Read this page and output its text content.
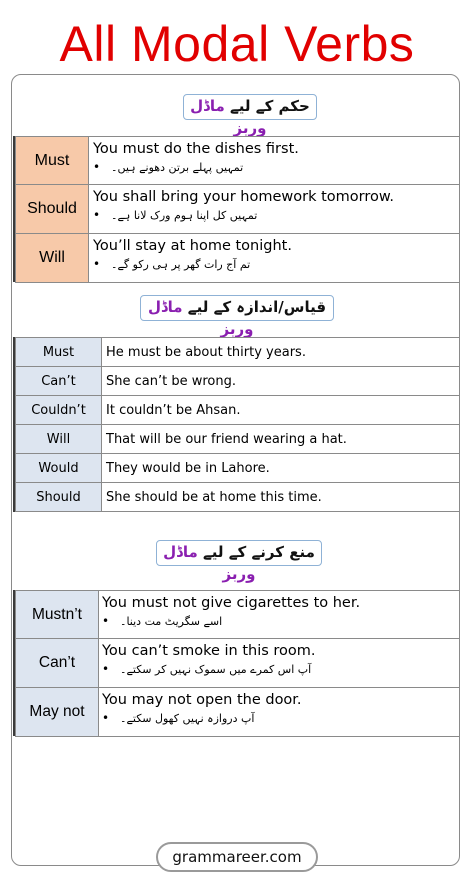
All Modal Verbs
حکم کے لیے ماڈل وربز
Must	You must do the dishes first.
• تمہیں پہلے برتن دھونے ہیں۔

Should	You shall bring your homework tomorrow.
• تمہیں کل اپنا ہوم ورک لانا ہے۔

Will	You’ll stay at home tonight.
• تم آج رات گھر پر ہی رکو گے۔
قیاس/اندازہ کے لیے ماڈل وربز
Must	He must be about thirty years.
Can’t	She can’t be wrong.
Couldn’t	It couldn’t be Ahsan.
Will	That will be our friend wearing a hat.
Would	They would be in Lahore.
Should	She should be at home this time.
منع کرنے کے لیے ماڈل وربز
Mustn’t	You must not give cigarettes to her.
• اسے سگریٹ مت دینا۔

Can’t	You can’t smoke in this room.
• آپ اس کمرے میں سموک نہیں کر سکتے۔

May not	You may not open the door.
• آپ دروازہ نہیں کھول سکتے۔
grammareer.com
